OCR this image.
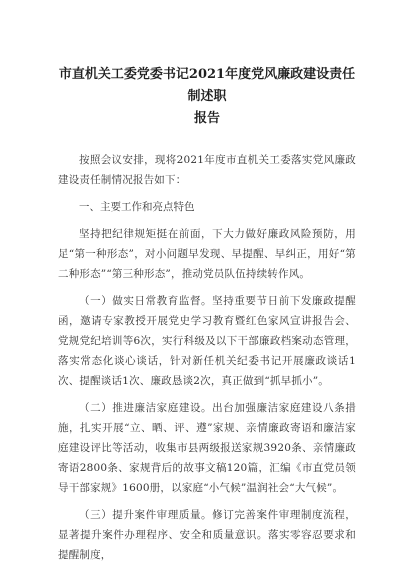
市直机关工委党委书记2021年度党风廉政建设责任制述职
报告

按照会议安排，现将2021年度市直机关工委落实党风廉政建设责任制情况报告如下：

一、主要工作和亮点特色

坚持把纪律规矩挺在前面，下大力做好廉政风险预防，用足“第一种形态”，对小问题早发现、早提醒、早纠正，用好“第二种形态”“第三种形态”，推动党员队伍持续转作风。

（一）做实日常教育监督。坚持重要节日前下发廉政提醒函，邀请专家教授开展党史学习教育暨红色家风宣讲报告会、党规党纪培训等6次，实行科级及以下干部廉政档案动态管理，落实常态化谈心谈话，针对新任机关纪委书记开展廉政谈话1次、提醒谈话1次、廉政恳谈2次，真正做到“抓早抓小”。

（二）推进廉洁家庭建设。出台加强廉洁家庭建设八条措施，扎实开展“立、晒、评、遵”家规、亲情廉政寄语和廉洁家庭建设评比等活动，收集市县两级报送家规3920条、亲情廉政寄语2800条、家规背后的故事文稿120篇，汇编《市直党员领导干部家规》1600册，以家庭“小气候”温润社会“大气候”。

（三）提升案件审理质量。修订完善案件审理制度流程，显著提升案件办理程序、安全和质量意识。落实零容忍要求和提醒制度，
